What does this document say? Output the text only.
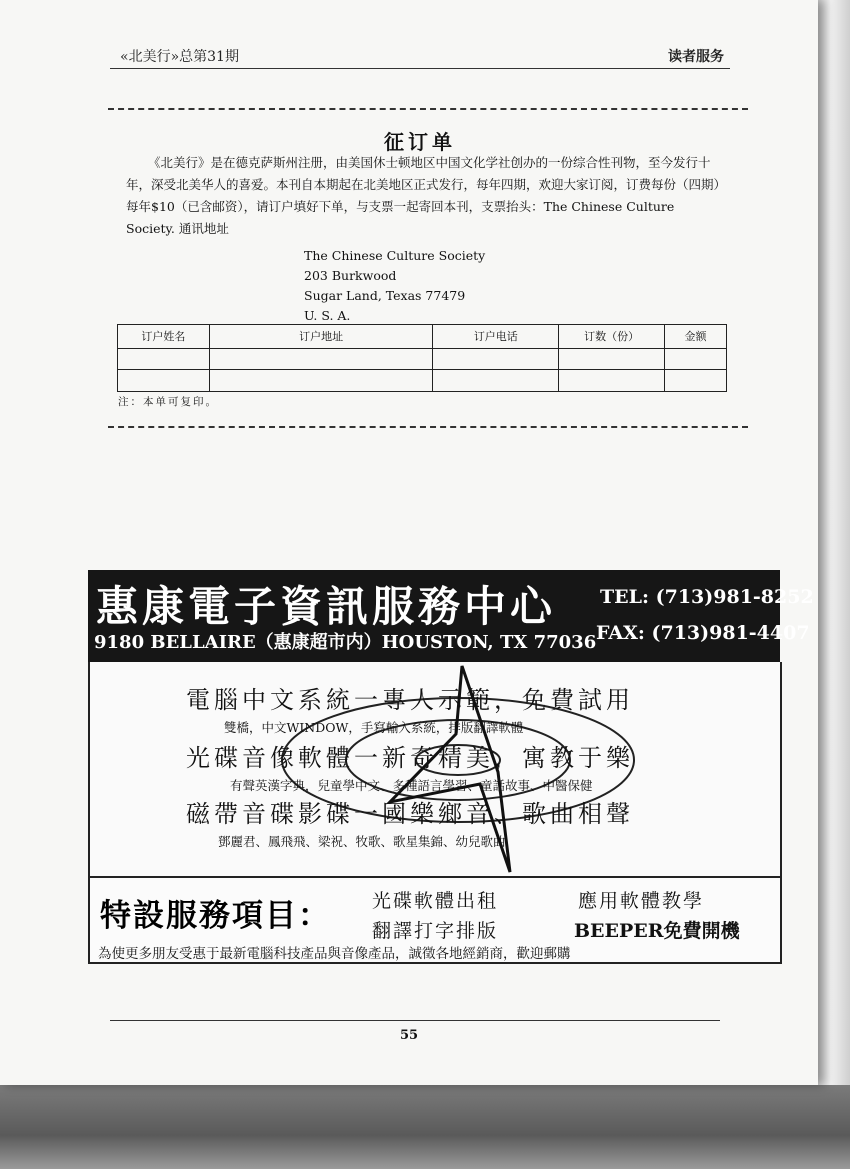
«北美行»总第31期	读者服务
征订单

《北美行》是在德克萨斯州注册，由美国休士顿地区中国文化学社创办的一份综合性刊物，至今发行十年，深受北美华人的喜爱。本刊自本期起在北美地区正式发行，每年四期，欢迎大家订阅，订费每份（四期）每年$10（已含邮资），请订户填好下单，与支票一起寄回本刊，支票抬头：The Chinese Culture Society. 通讯地址

The Chinese Culture Society
203 Burkwood
Sugar Land, Texas 77479
U. S. A.
订户姓名	订户地址	订户电话	订数（份）	金额

注：本单可复印。
惠康電子資訊服務中心
9180 BELLAIRE（惠康超市内）HOUSTON, TX 77036
TEL: (713)981-8252
FAX: (713)981-4407
電腦中文系統一專人示範，免費試用
雙橋，中文WINDOW，手寫輸入系統，排版翻譯軟體
光碟音像軟體一新奇精美，寓教于樂
有聲英漢字典，兒童學中文、多種語言學習、童話故事、中醫保健
磁帶音碟影碟一國樂鄉音、歌曲相聲
鄧麗君、鳳飛飛、梁祝、牧歌、歌星集錦、幼兒歌曲
特設服務項目： 光碟軟體出租	應用軟體教學
翻譯打字排版	BEEPER免費開機
為使更多朋友受惠于最新電腦科技產品與音像產品，誠徵各地經銷商，歡迎郵購
55
